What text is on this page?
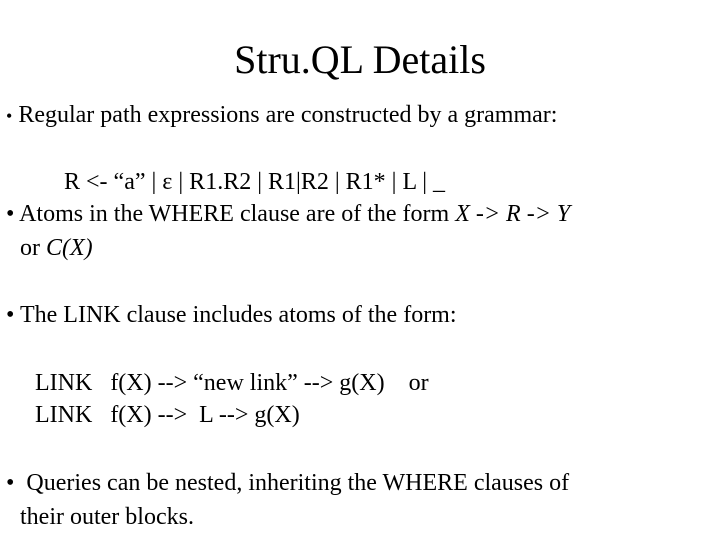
Stru.QL Details
• Regular path expressions are constructed by a grammar:
R <- “a” | ε | R1.R2 | R1|R2 | R1* | L | _
• Atoms in the WHERE clause are of the form X -> R -> Y
or C(X)
• The LINK clause includes atoms of the form:
LINK   f(X) --> “new link” --> g(X)    or
LINK   f(X) -->  L --> g(X)
•  Queries can be nested, inheriting the WHERE clauses of
their outer blocks.
